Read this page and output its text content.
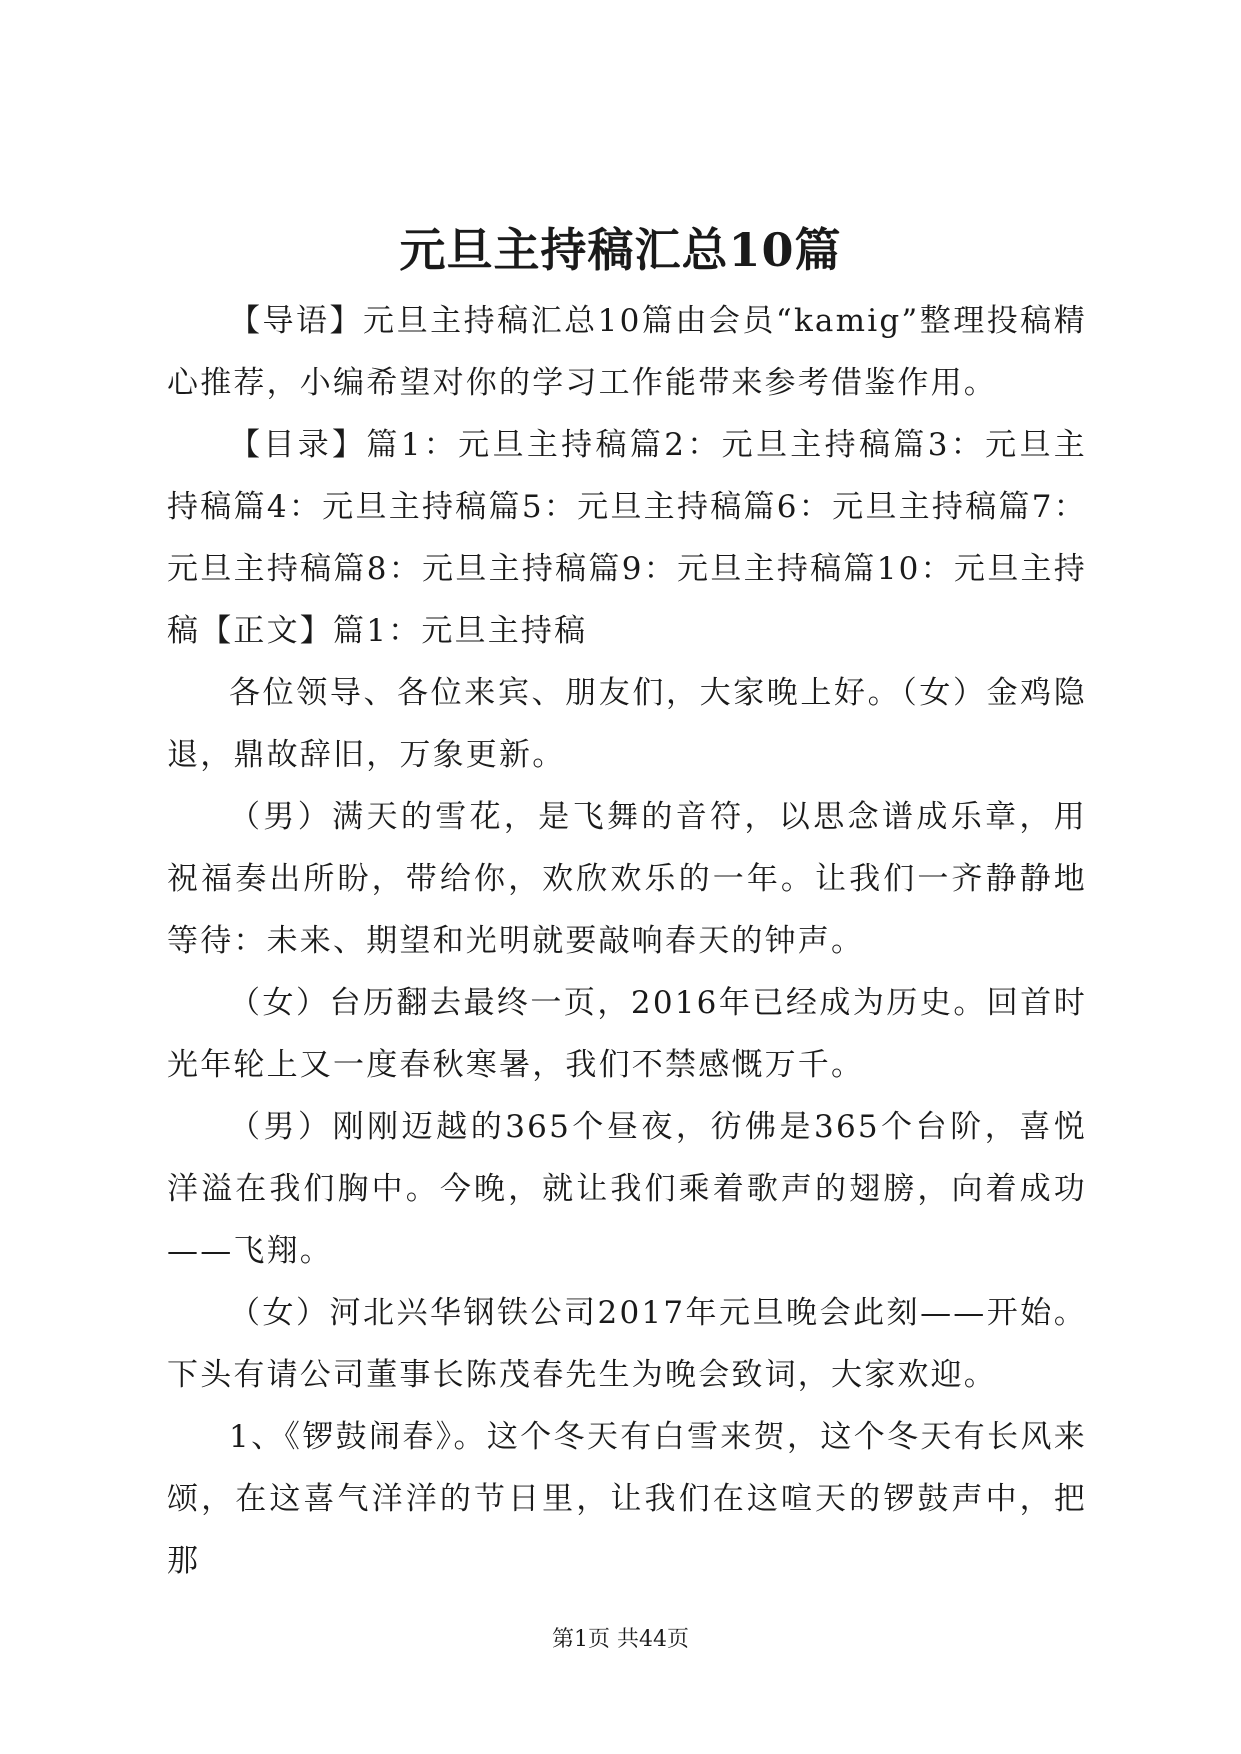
元旦主持稿汇总10篇

【导语】元旦主持稿汇总10篇由会员“kamig”整理投稿精心推荐，小编希望对你的学习工作能带来参考借鉴作用。

【目录】篇1：元旦主持稿篇2：元旦主持稿篇3：元旦主持稿篇4：元旦主持稿篇5：元旦主持稿篇6：元旦主持稿篇7：元旦主持稿篇8：元旦主持稿篇9：元旦主持稿篇10：元旦主持稿【正文】篇1：元旦主持稿

各位领导、各位来宾、朋友们，大家晚上好。（女）金鸡隐退，鼎故辞旧，万象更新。

（男）满天的雪花，是飞舞的音符，以思念谱成乐章，用祝福奏出所盼，带给你，欢欣欢乐的一年。让我们一齐静静地等待：未来、期望和光明就要敲响春天的钟声。

（女）台历翻去最终一页，2016年已经成为历史。回首时光年轮上又一度春秋寒暑，我们不禁感慨万千。

（男）刚刚迈越的365个昼夜，彷佛是365个台阶，喜悦洋溢在我们胸中。今晚，就让我们乘着歌声的翅膀，向着成功——飞翔。

（女）河北兴华钢铁公司2017年元旦晚会此刻——开始。下头有请公司董事长陈茂春先生为晚会致词，大家欢迎。

1、《锣鼓闹春》。这个冬天有白雪来贺，这个冬天有长风来颂，在这喜气洋洋的节日里，让我们在这喧天的锣鼓声中，把那

第1页 共44页
